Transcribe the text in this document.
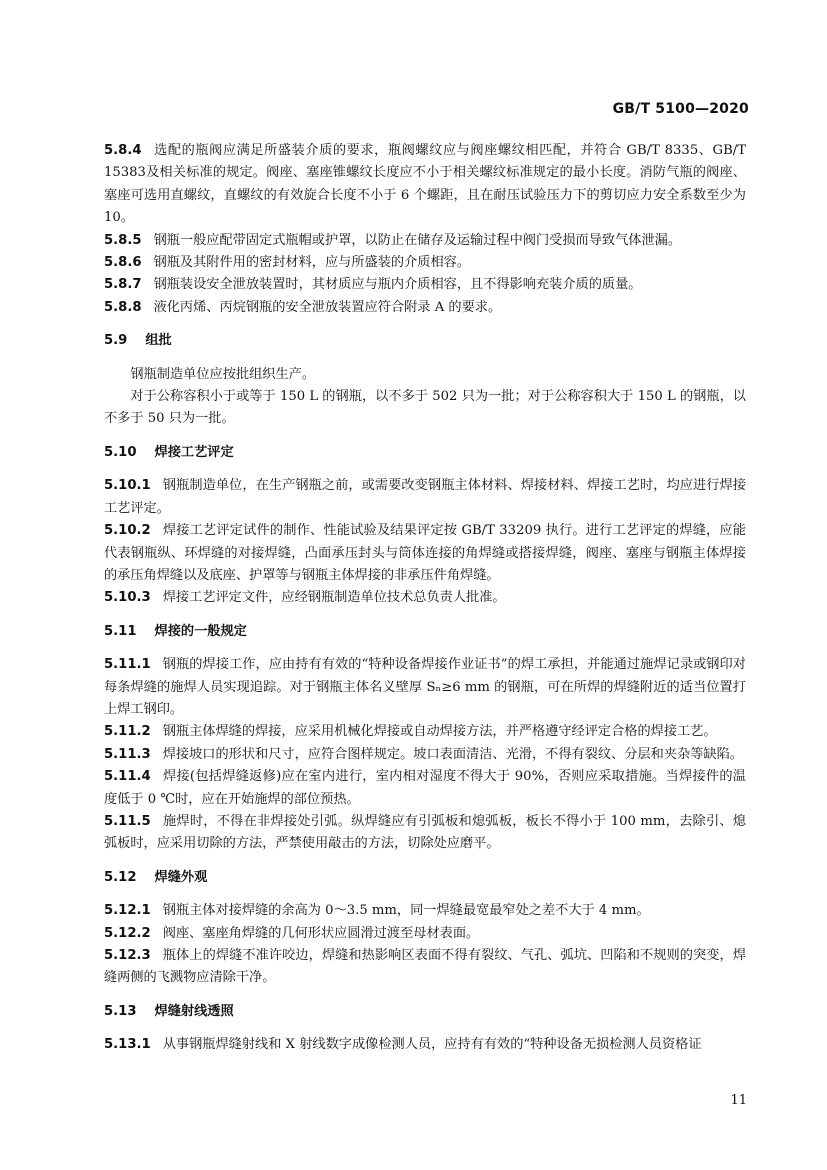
GB/T 5100—2020

5.8.4 选配的瓶阀应满足所盛装介质的要求，瓶阀螺纹应与阀座螺纹相匹配，并符合 GB/T 8335、GB/T 15383及相关标准的规定。阀座、塞座锥螺纹长度应不小于相关螺纹标准规定的最小长度。消防气瓶的阀座、塞座可选用直螺纹，直螺纹的有效旋合长度不小于 6 个螺距，且在耐压试验压力下的剪切应力安全系数至少为 10。

5.8.5 钢瓶一般应配带固定式瓶帽或护罩，以防止在储存及运输过程中阀门受损而导致气体泄漏。

5.8.6 钢瓶及其附件用的密封材料，应与所盛装的介质相容。

5.8.7 钢瓶装设安全泄放装置时，其材质应与瓶内介质相容，且不得影响充装介质的质量。

5.8.8 液化丙烯、丙烷钢瓶的安全泄放装置应符合附录 A 的要求。

5.9 组批

钢瓶制造单位应按批组织生产。

对于公称容积小于或等于 150 L 的钢瓶，以不多于 502 只为一批；对于公称容积大于 150 L 的钢瓶，以不多于 50 只为一批。

5.10 焊接工艺评定

5.10.1 钢瓶制造单位，在生产钢瓶之前，或需要改变钢瓶主体材料、焊接材料、焊接工艺时，均应进行焊接工艺评定。

5.10.2 焊接工艺评定试件的制作、性能试验及结果评定按 GB/T 33209 执行。进行工艺评定的焊缝，应能代表钢瓶纵、环焊缝的对接焊缝，凸面承压封头与筒体连接的角焊缝或搭接焊缝，阀座、塞座与钢瓶主体焊接的承压角焊缝以及底座、护罩等与钢瓶主体焊接的非承压件角焊缝。

5.10.3 焊接工艺评定文件，应经钢瓶制造单位技术总负责人批准。

5.11 焊接的一般规定

5.11.1 钢瓶的焊接工作，应由持有有效的“特种设备焊接作业证书”的焊工承担，并能通过施焊记录或钢印对每条焊缝的施焊人员实现追踪。对于钢瓶主体名义壁厚 Sₙ≥6 mm 的钢瓶，可在所焊的焊缝附近的适当位置打上焊工钢印。

5.11.2 钢瓶主体焊缝的焊接，应采用机械化焊接或自动焊接方法，并严格遵守经评定合格的焊接工艺。

5.11.3 焊接坡口的形状和尺寸，应符合图样规定。坡口表面清洁、光滑，不得有裂纹、分层和夹杂等缺陷。

5.11.4 焊接(包括焊缝返修)应在室内进行，室内相对湿度不得大于 90%，否则应采取措施。当焊接件的温度低于 0 ℃时，应在开始施焊的部位预热。

5.11.5 施焊时，不得在非焊接处引弧。纵焊缝应有引弧板和熄弧板，板长不得小于 100 mm，去除引、熄弧板时，应采用切除的方法，严禁使用敲击的方法，切除处应磨平。

5.12 焊缝外观

5.12.1 钢瓶主体对接焊缝的余高为 0～3.5 mm，同一焊缝最宽最窄处之差不大于 4 mm。

5.12.2 阀座、塞座角焊缝的几何形状应圆滑过渡至母材表面。

5.12.3 瓶体上的焊缝不准许咬边，焊缝和热影响区表面不得有裂纹、气孔、弧坑、凹陷和不规则的突变，焊缝两侧的飞溅物应清除干净。

5.13 焊缝射线透照

5.13.1 从事钢瓶焊缝射线和 X 射线数字成像检测人员，应持有有效的“特种设备无损检测人员资格证

11
